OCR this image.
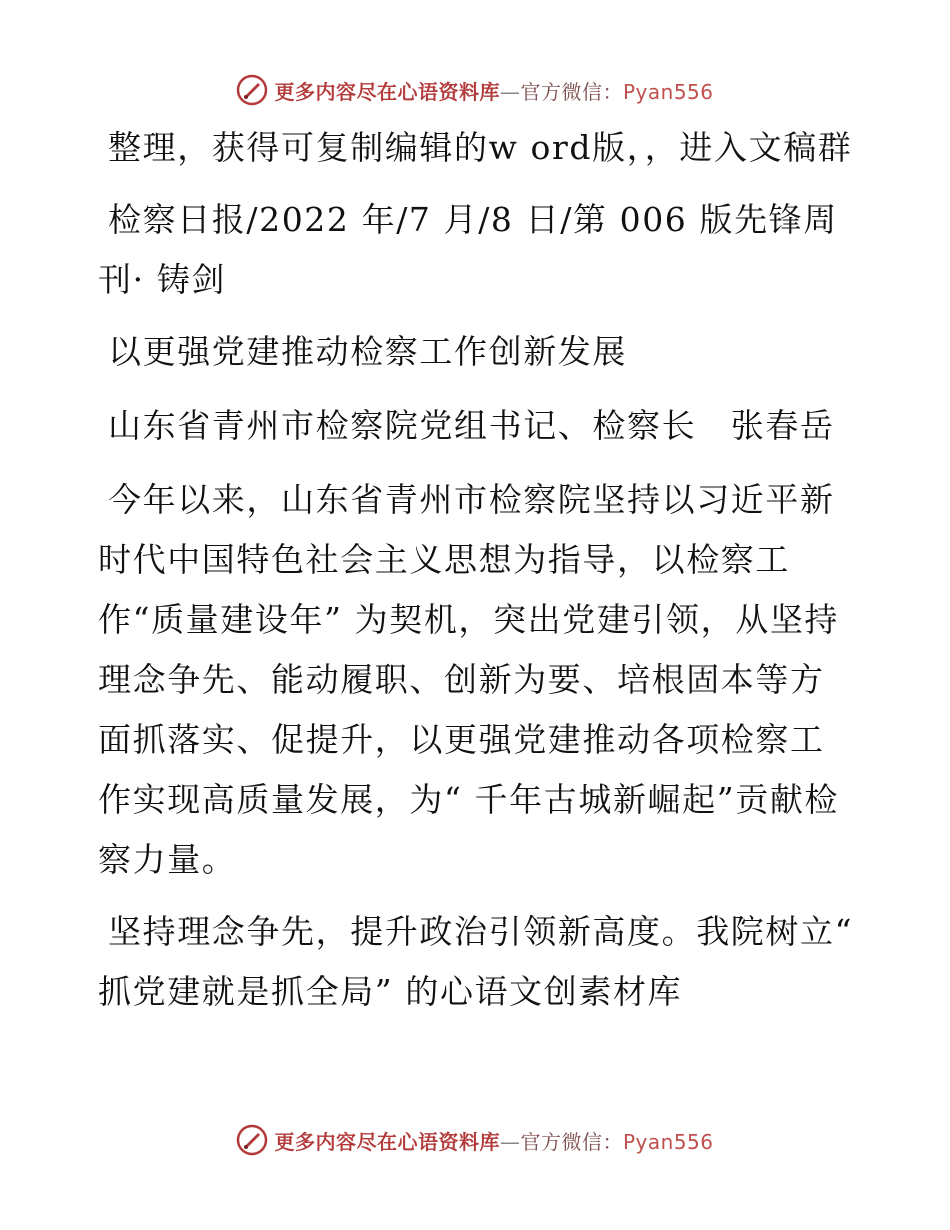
更多内容尽在心语资料库—官方微信：Pyan556

整理，获得可复制编辑的w ord版，，进入文稿群

检察日报/2022 年/7 月/8 日/第 006 版先锋周刊· 铸剑

以更强党建推动检察工作创新发展

山东省青州市检察院党组书记、检察长　张春岳

今年以来，山东省青州市检察院坚持以习近平新时代中国特色社会主义思想为指导，以检察工作“质量建设年” 为契机，突出党建引领，从坚持理念争先、能动履职、创新为要、培根固本等方面抓落实、促提升，以更强党建推动各项检察工作实现高质量发展，为“ 千年古城新崛起”贡献检察力量。

坚持理念争先，提升政治引领新高度。我院树立“ 抓党建就是抓全局” 的心语文创素材库

更多内容尽在心语资料库—官方微信：Pyan556
